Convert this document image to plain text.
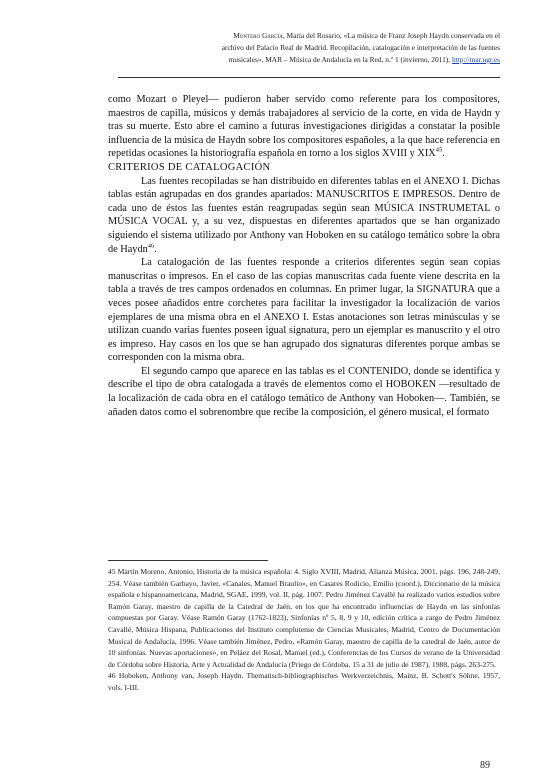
Montero García, María del Rosario, «La música de Franz Joseph Haydn conservada en el
archivo del Palacio Real de Madrid. Recopilación, catalogación e interpretación de las fuentes
musicales», MAR – Música de Andalucía en la Red, n.º 1 (invierno, 2011), http://mar.ugr.es

como Mozart o Pleyel— pudieron haber servido como referente para los compositores, maestros de capilla, músicos y demás trabajadores al servicio de la corte, en vida de Haydn y tras su muerte. Esto abre el camino a futuras investigaciones dirigidas a constatar la posible influencia de la música de Haydn sobre los compositores españoles, a la que hace referencia en repetidas ocasiones la historiografía española en torno a los siglos XVIII y XIX$^{45}$.

CRITERIOS DE CATALOGACIÓN

Las fuentes recopiladas se han distribuido en diferentes tablas en el ANEXO I. Dichas tablas están agrupadas en dos grandes apartados: MANUSCRITOS E IMPRESOS. Dentro de cada uno de éstos las fuentes están reagrupadas según sean MÚSICA INSTRUMETAL o MÚSICA VOCAL y, a su vez, dispuestas en diferentes apartados que se han organizado siguiendo el sistema utilizado por Anthony van Hoboken en su catálogo temático sobre la obra de Haydn$^{46}$.

La catalogación de las fuentes responde a criterios diferentes según sean copias manuscritas o impresos. En el caso de las copias manuscritas cada fuente viene descrita en la tabla a través de tres campos ordenados en columnas. En primer lugar, la SIGNATURA que a veces posee añadidos entre corchetes para facilitar la investigador la localización de varios ejemplares de una misma obra en el ANEXO I. Estas anotaciones son letras minúsculas y se utilizan cuando varias fuentes poseen igual signatura, pero un ejemplar es manuscrito y el otro es impreso. Hay casos en los que se han agrupado dos signaturas diferentes porque ambas se corresponden con la misma obra.

El segundo campo que aparece en las tablas es el CONTENIDO, donde se identifica y describe el tipo de obra catalogada a través de elementos como el HOBOKEN —resultado de la localización de cada obra en el catálogo temático de Anthony van Hoboken—. También, se añaden datos como el sobrenombre que recibe la composición, el género musical, el formato

45 Martín Moreno, Antonio, Historia de la música española: 4. Siglo XVIII, Madrid, Alianza Música, 2001, págs. 196, 248-249, 254. Véase también Garbayo, Javier, «Canales, Manuel Braulio», en Casares Rodicio, Emilio (coord.), Diccionario de la música española e hispanoamericana, Madrid, SGAE, 1999, vol. II, pág. 1007. Pedro Jiménez Cavallé ha realizado varios estudios sobre Ramón Garay, maestro de capilla de la Catedral de Jaén, en los que ha encontrado influencias de Haydn en las sinfonías compuestas por Garay. Véase Ramón Garay (1762-1823), Sinfonías nº 5, 8, 9 y 10, edición crítica a cargo de Pedro Jiménez Cavallé, Música Hispana, Publicaciones del Instituto complutense de Ciencias Musicales, Madrid, Centro de Documentación Musical de Andalucía, 1996. Véase también Jiménez, Pedro, «Ramón Garay, maestro de capilla de la catedral de Jaén, autor de 10 sinfonías. Nuevas aportaciones», en Peláez del Rosal, Manuel (ed.), Conferencias de los Cursos de verano de la Universidad de Córdoba sobre Historia, Arte y Actualidad de Andalucía (Priego de Córdoba, 15 a 31 de julio de 1987), 1988, págs. 263-275.

46 Hoboken, Anthony van, Joseph Haydn. Thematisch-bibliographisches Werkverzeichnis, Mainz, B. Schott's Söhne, 1957, vols. I-III.

89
